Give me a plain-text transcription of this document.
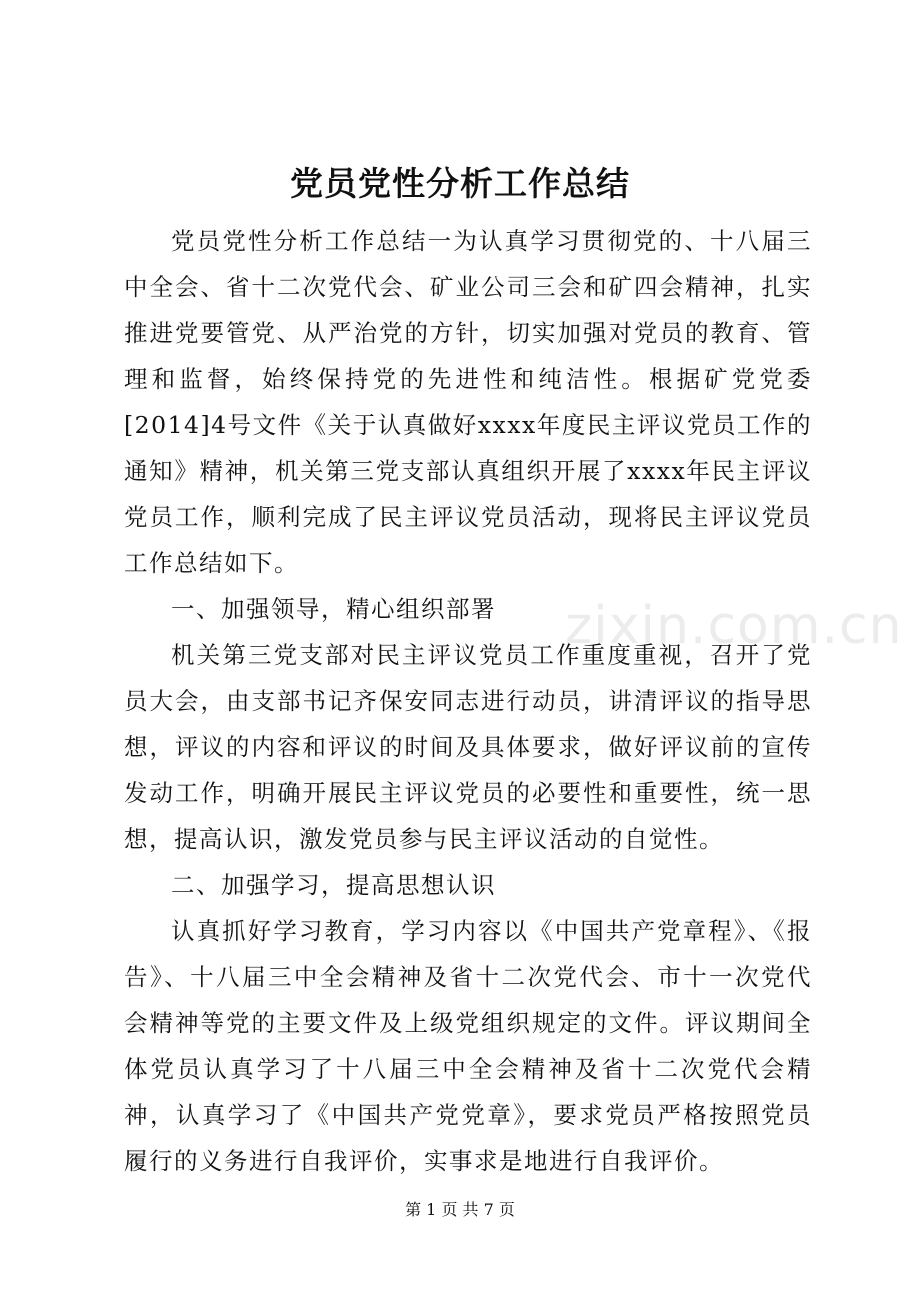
党员党性分析工作总结
zixin.com.cn

党员党性分析工作总结一为认真学习贯彻党的、十八届三中全会、省十二次党代会、矿业公司三会和矿四会精神，扎实推进党要管党、从严治党的方针，切实加强对党员的教育、管理和监督，始终保持党的先进性和纯洁性。根据矿党党委[2014]4号文件《关于认真做好xxxx年度民主评议党员工作的通知》精神，机关第三党支部认真组织开展了xxxx年民主评议党员工作，顺利完成了民主评议党员活动，现将民主评议党员工作总结如下。

一、加强领导，精心组织部署

机关第三党支部对民主评议党员工作重度重视，召开了党员大会，由支部书记齐保安同志进行动员，讲清评议的指导思想，评议的内容和评议的时间及具体要求，做好评议前的宣传发动工作，明确开展民主评议党员的必要性和重要性，统一思想，提高认识，激发党员参与民主评议活动的自觉性。

二、加强学习，提高思想认识

认真抓好学习教育，学习内容以《中国共产党章程》、《报告》、十八届三中全会精神及省十二次党代会、市十一次党代会精神等党的主要文件及上级党组织规定的文件。评议期间全体党员认真学习了十八届三中全会精神及省十二次党代会精神，认真学习了《中国共产党党章》，要求党员严格按照党员履行的义务进行自我评价，实事求是地进行自我评价。

第 1 页 共 7 页
